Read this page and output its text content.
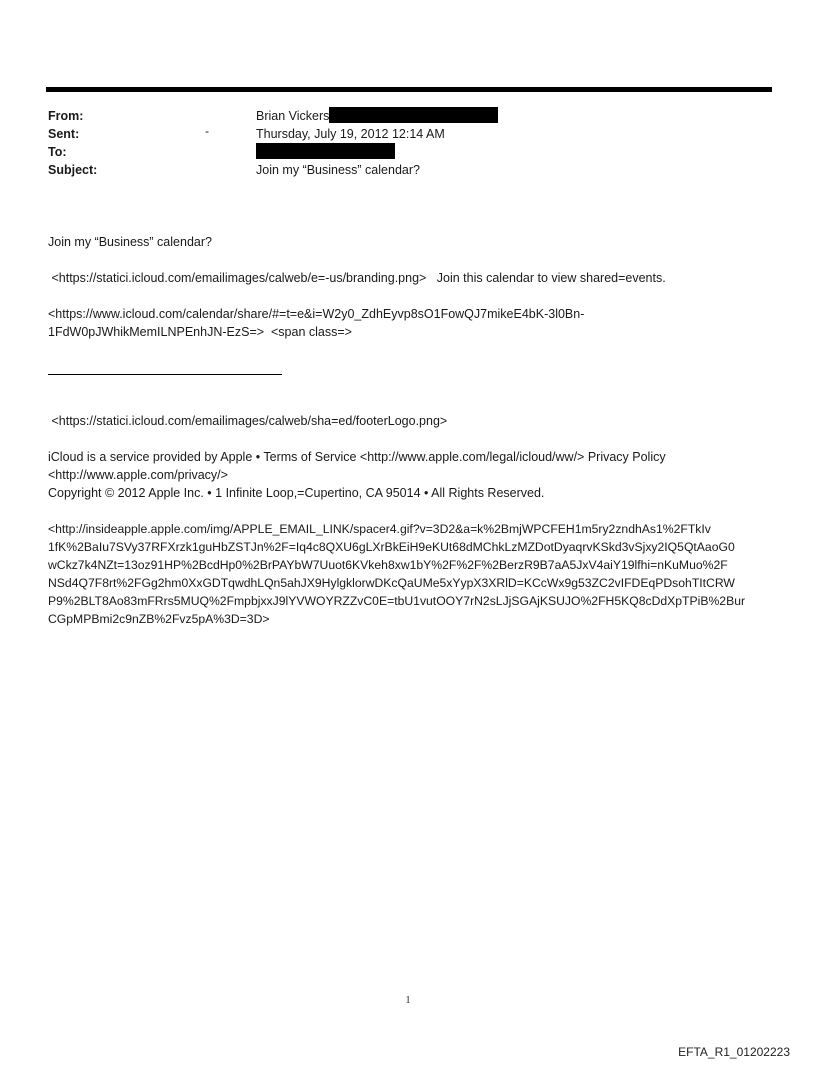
From:	Brian Vickers
Sent:	-	Thursday, July 19, 2012 12:14 AM
To:
Subject:	Join my “Business” calendar?
Join my “Business” calendar?
<https://statici.icloud.com/emailimages/calweb/e=-us/branding.png>   Join this calendar to view shared=events.
<https://www.icloud.com/calendar/share/#=t=e&i=W2y0_ZdhEyvp8sO1FowQJ7mikeE4bK-3l0Bn-
1FdW0pJWhikMemILNPEnhJN-EzS=>  <span class=>
<https://statici.icloud.com/emailimages/calweb/sha=ed/footerLogo.png>
iCloud is a service provided by Apple • Terms of Service <http://www.apple.com/legal/icloud/ww/> Privacy Policy
<http://www.apple.com/privacy/>
Copyright © 2012 Apple Inc. • 1 Infinite Loop,=Cupertino, CA 95014 • All Rights Reserved.
<http://insideapple.apple.com/img/APPLE_EMAIL_LINK/spacer4.gif?v=3D2&a=k%2BmjWPCFEH1m5ry2zndhAs1%2FTkIv
1fK%2BaIu7SVy37RFXrzk1guHbZSTJn%2F=Iq4c8QXU6gLXrBkEiH9eKUt68dMChkLzMZDotDyaqrvKSkd3vSjxy2IQ5QtAaoG0
wCkz7k4NZt=13oz91HP%2BcdHp0%2BrPAYbW7Uuot6KVkeh8xw1bY%2F%2F%2BerzR9B7aA5JxV4aiY19lfhi=nKuMuo%2F
NSd4Q7F8rt%2FGg2hm0XxGDTqwdhLQn5ahJX9HylgklorwDKcQaUMe5xYypX3XRlD=KCcWx9g53ZC2vIFDEqPDsohTItCRW
P9%2BLT8Ao83mFRrs5MUQ%2FmpbjxxJ9lYVWOYRZZvC0E=tbU1vutOOY7rN2sLJjSGAjKSUJO%2FH5KQ8cDdXpTPiB%2Bur
CGpMPBmi2c9nZB%2Fvz5pA%3D=3D>
1
EFTA_R1_01202223
